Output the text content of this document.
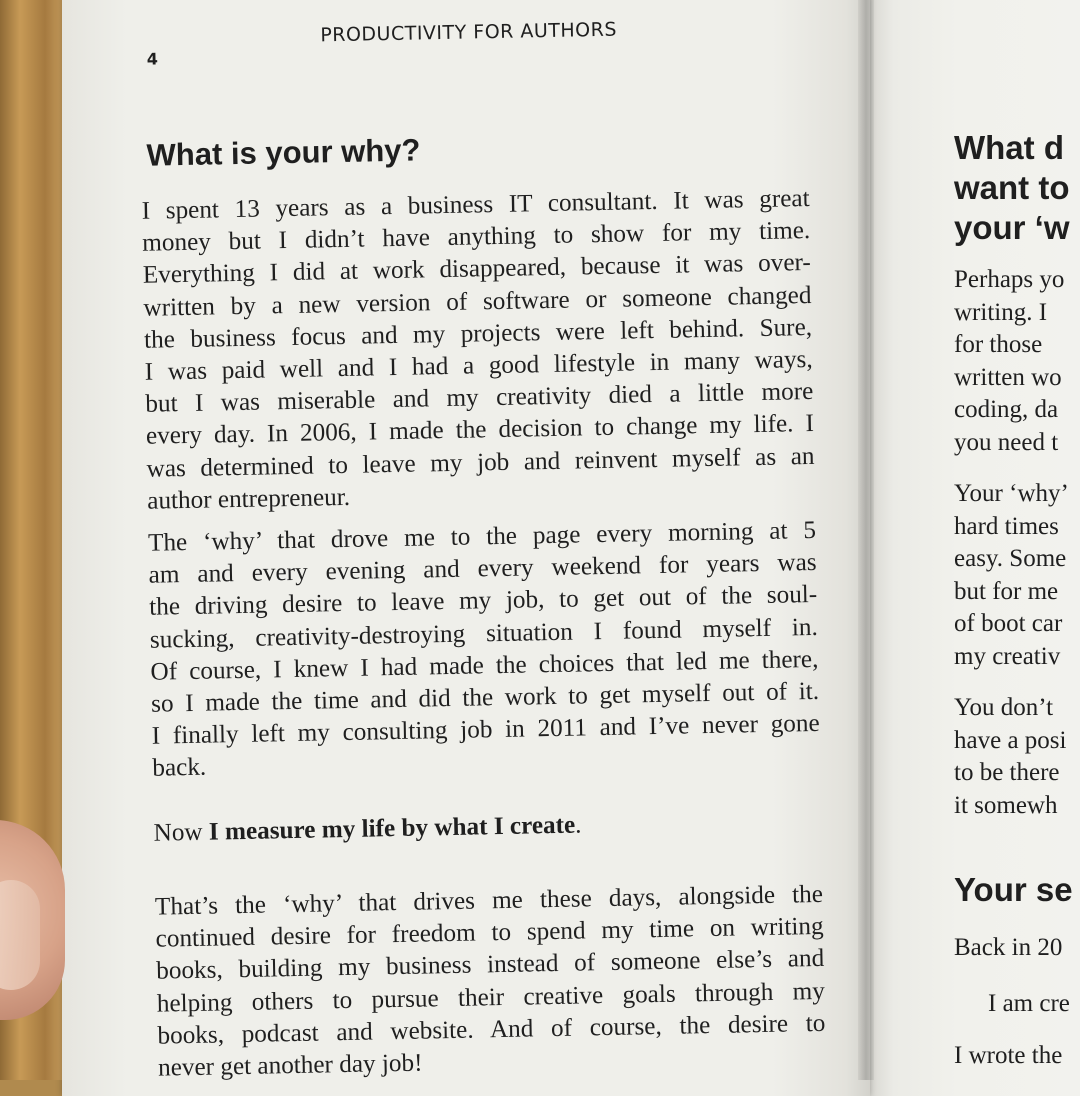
PRODUCTIVITY FOR AUTHORS
4
What is your why?
I spent 13 years as a business IT consultant. It was great
money but I didn’t have anything to show for my time.
Everything I did at work disappeared, because it was over-
written by a new version of software or someone changed
the business focus and my projects were left behind. Sure,
I was paid well and I had a good lifestyle in many ways,
but I was miserable and my creativity died a little more
every day. In 2006, I made the decision to change my life. I
was determined to leave my job and reinvent myself as an
author entrepreneur.
The ‘why’ that drove me to the page every morning at 5
am and every evening and every weekend for years was
the driving desire to leave my job, to get out of the soul-
sucking, creativity-destroying situation I found myself in.
Of course, I knew I had made the choices that led me there,
so I made the time and did the work to get myself out of it.
I finally left my consulting job in 2011 and I’ve never gone
back.
Now I measure my life by what I create.
That’s the ‘why’ that drives me these days, alongside the
continued desire for freedom to spend my time on writing
books, building my business instead of someone else’s and
helping others to pursue their creative goals through my
books, podcast and website. And of course, the desire to
never get another day job!
What d
want to
your ‘w
Perhaps yo
writing. I
for those
written wo
coding, da
you need t
Your ‘why’
hard times
easy. Some
but for me
of boot car
my creativ
You don’t
have a posi
to be there
it somewh
Your se
Back in 20
I am cre
I wrote the
